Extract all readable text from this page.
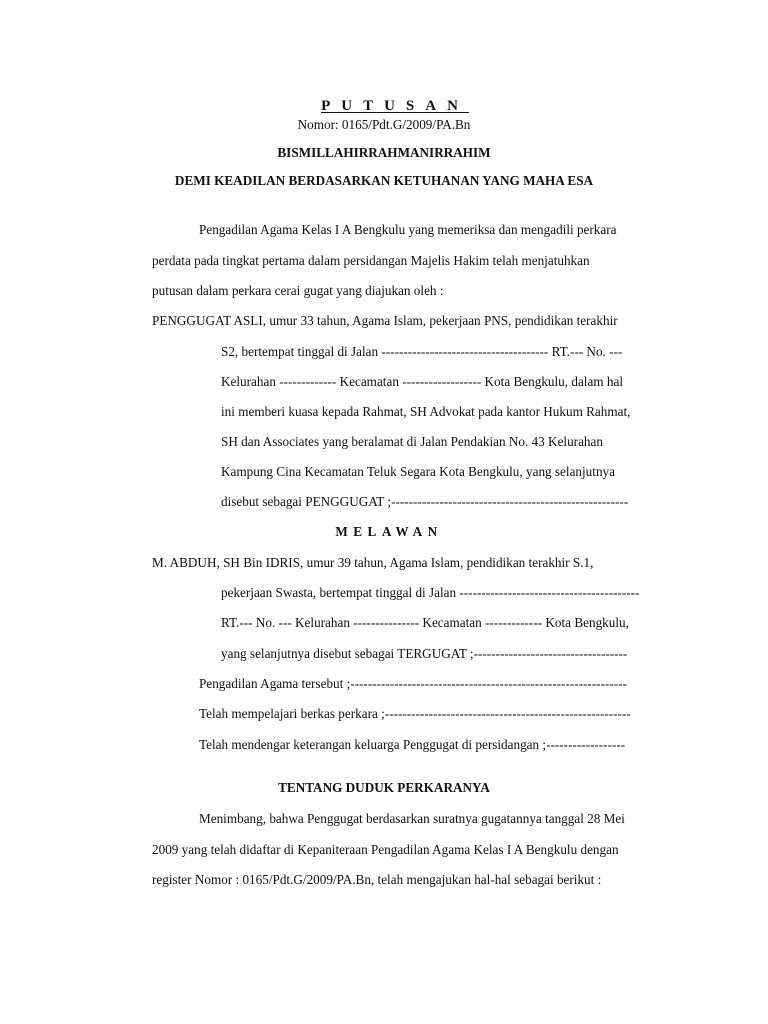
PUTUSAN
Nomor: 0165/Pdt.G/2009/PA.Bn
BISMILLAHIRRAHMANIRRAHIM
DEMI KEADILAN BERDASARKAN KETUHANAN YANG MAHA ESA
Pengadilan Agama Kelas I A Bengkulu yang memeriksa dan mengadili perkara
perdata pada tingkat pertama dalam persidangan Majelis Hakim telah menjatuhkan
putusan dalam perkara cerai gugat yang diajukan oleh :
PENGGUGAT ASLI, umur 33 tahun, Agama Islam, pekerjaan PNS, pendidikan terakhir
S2, bertempat tinggal di Jalan -------------------------------------- RT.--- No. ---
Kelurahan ------------- Kecamatan ------------------ Kota Bengkulu, dalam hal
ini memberi kuasa kepada Rahmat, SH Advokat pada kantor Hukum Rahmat,
SH dan Associates yang beralamat di Jalan Pendakian No. 43 Kelurahan
Kampung Cina Kecamatan Teluk Segara Kota Bengkulu, yang selanjutnya
disebut sebagai PENGGUGAT ;------------------------------------------------------
MELAWAN
M. ABDUH, SH Bin IDRIS, umur 39 tahun, Agama Islam, pendidikan terakhir S.1,
pekerjaan Swasta, bertempat tinggal di Jalan -----------------------------------------
RT.--- No. --- Kelurahan --------------- Kecamatan ------------- Kota Bengkulu,
yang selanjutnya disebut sebagai TERGUGAT ;-----------------------------------
Pengadilan Agama tersebut ;---------------------------------------------------------------
Telah mempelajari berkas perkara ;--------------------------------------------------------
Telah mendengar keterangan keluarga Penggugat di persidangan ;------------------
TENTANG DUDUK PERKARANYA
Menimbang, bahwa Penggugat berdasarkan suratnya gugatannya tanggal 28 Mei
2009 yang telah didaftar di Kepaniteraan Pengadilan Agama Kelas I A Bengkulu dengan
register Nomor : 0165/Pdt.G/2009/PA.Bn, telah mengajukan hal-hal sebagai berikut :
